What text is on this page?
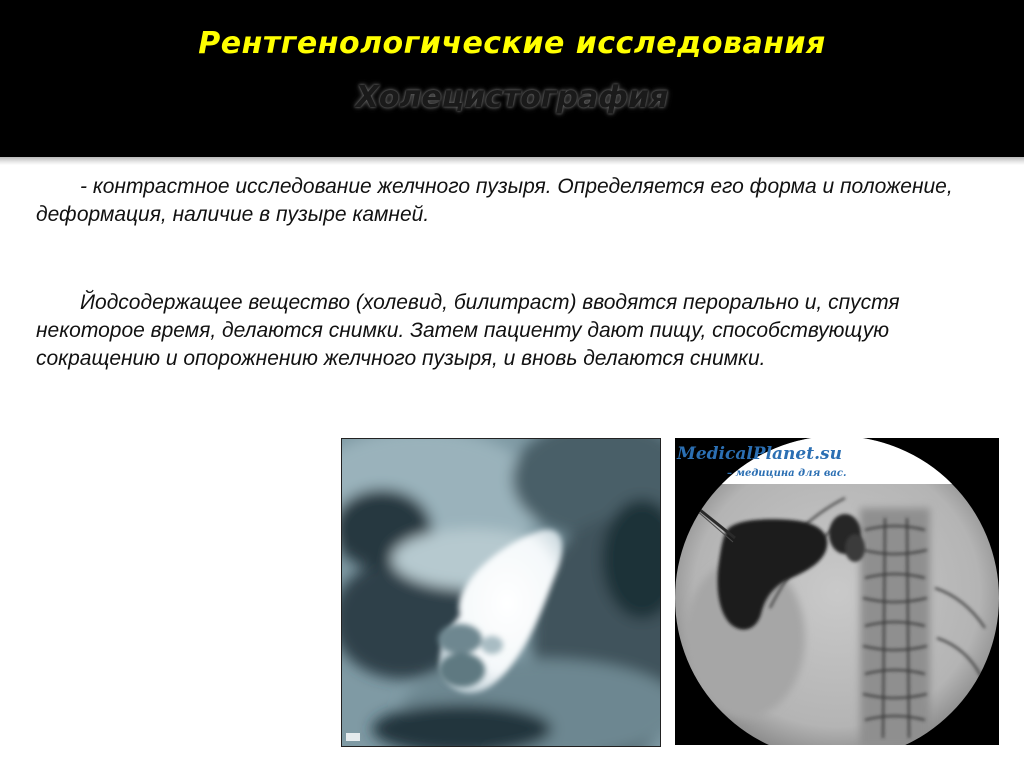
Рентгенологические исследования
Холецистография

- контрастное исследование желчного пузыря. Определяется его форма и положение, деформация, наличие в пузыре камней.

Йодсодержащее вещество (холевид, билитраст) вводятся перорально и, спустя некоторое время, делаются снимки. Затем пациенту дают пищу, способствующую сокращению и опорожнению желчного пузыря, и вновь делаются снимки.

MedicalPlanet.su
– медицина для вас.
